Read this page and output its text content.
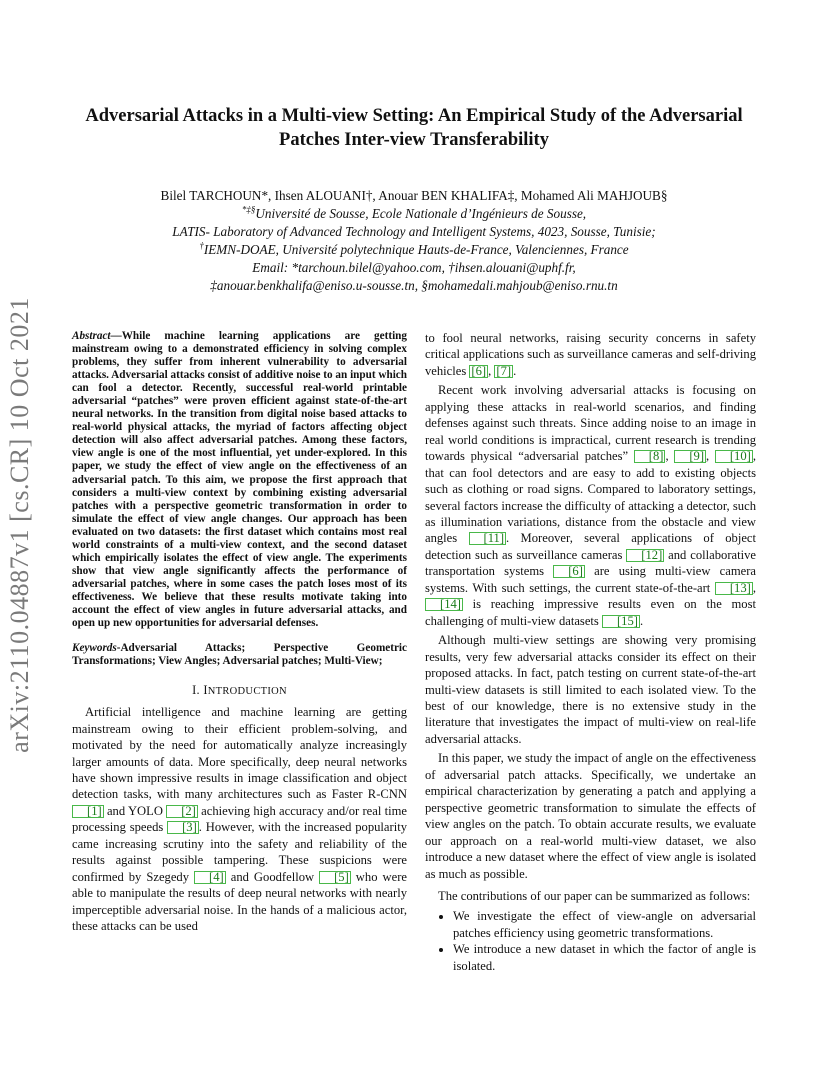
arXiv:2110.04887v1 [cs.CR] 10 Oct 2021
Adversarial Attacks in a Multi-view Setting: An Empirical Study of the Adversarial Patches Inter-view Transferability
Bilel TARCHOUN*, Ihsen ALOUANI†, Anouar BEN KHALIFA‡, Mohamed Ali MAHJOUB§
*‡§Université de Sousse, Ecole Nationale d’Ingénieurs de Sousse,
LATIS- Laboratory of Advanced Technology and Intelligent Systems, 4023, Sousse, Tunisie;
†IEMN-DOAE, Université polytechnique Hauts-de-France, Valenciennes, France
Email: *tarchoun.bilel@yahoo.com, †ihsen.alouani@uphf.fr,
‡anouar.benkhalifa@eniso.u-sousse.tn, §mohamedali.mahjoub@eniso.rnu.tn

Abstract—While machine learning applications are getting mainstream owing to a demonstrated efficiency in solving complex problems, they suffer from inherent vulnerability to adversarial attacks. Adversarial attacks consist of additive noise to an input which can fool a detector. Recently, successful real-world printable adversarial “patches” were proven efficient against state-of-the-art neural networks. In the transition from digital noise based attacks to real-world physical attacks, the myriad of factors affecting object detection will also affect adversarial patches. Among these factors, view angle is one of the most influential, yet under-explored. In this paper, we study the effect of view angle on the effectiveness of an adversarial patch. To this aim, we propose the first approach that considers a multi-view context by combining existing adversarial patches with a perspective geometric transformation in order to simulate the effect of view angle changes. Our approach has been evaluated on two datasets: the first dataset which contains most real world constraints of a multi-view context, and the second dataset which empirically isolates the effect of view angle. The experiments show that view angle significantly affects the performance of adversarial patches, where in some cases the patch loses most of its effectiveness. We believe that these results motivate taking into account the effect of view angles in future adversarial attacks, and open up new opportunities for adversarial defenses.

Keywords-Adversarial Attacks; Perspective Geometric Transformations; View Angles; Adversarial patches; Multi-View;

I. INTRODUCTION

Artificial intelligence and machine learning are getting mainstream owing to their efficient problem-solving, and motivated by the need for automatically analyze increasingly larger amounts of data. More specifically, deep neural networks have shown impressive results in image classification and object detection tasks, with many architectures such as Faster R-CNN [1] and YOLO [2] achieving high accuracy and/or real time processing speeds [3] . However, with the increased popularity came increasing scrutiny into the safety and reliability of the results against possible tampering. These suspicions were confirmed by Szegedy [4] and Goodfellow [5] who were able to manipulate the results of deep neural networks with nearly imperceptible adversarial noise. In the hands of a malicious actor, these attacks can be used

to fool neural networks, raising security concerns in safety critical applications such as surveillance cameras and self-driving vehicles [6] , [7] .

Recent work involving adversarial attacks is focusing on applying these attacks in real-world scenarios, and finding defenses against such threats. Since adding noise to an image in real world conditions is impractical, current research is trending towards physical “adversarial patches” [8] , [9] , [10] , that can fool detectors and are easy to add to existing objects such as clothing or road signs. Compared to laboratory settings, several factors increase the difficulty of attacking a detector, such as illumination variations, distance from the obstacle and view angles [11] . Moreover, several applications of object detection such as surveillance cameras [12] and collaborative transportation systems [6] are using multi-view camera systems. With such settings, the current state-of-the-art [13] , [14] is reaching impressive results even on the most challenging of multi-view datasets [15] .

Although multi-view settings are showing very promising results, very few adversarial attacks consider its effect on their proposed attacks. In fact, patch testing on current state-of-the-art multi-view datasets is still limited to each isolated view. To the best of our knowledge, there is no extensive study in the literature that investigates the impact of multi-view on real-life adversarial attacks.

In this paper, we study the impact of angle on the effectiveness of adversarial patch attacks. Specifically, we undertake an empirical characterization by generating a patch and applying a perspective geometric transformation to simulate the effects of view angles on the patch. To obtain accurate results, we evaluate our approach on a real-world multi-view dataset, we also introduce a new dataset where the effect of view angle is isolated as much as possible.

The contributions of our paper can be summarized as follows:

• We investigate the effect of view-angle on adversarial patches efficiency using geometric transformations.
• We introduce a new dataset in which the factor of angle is isolated.
